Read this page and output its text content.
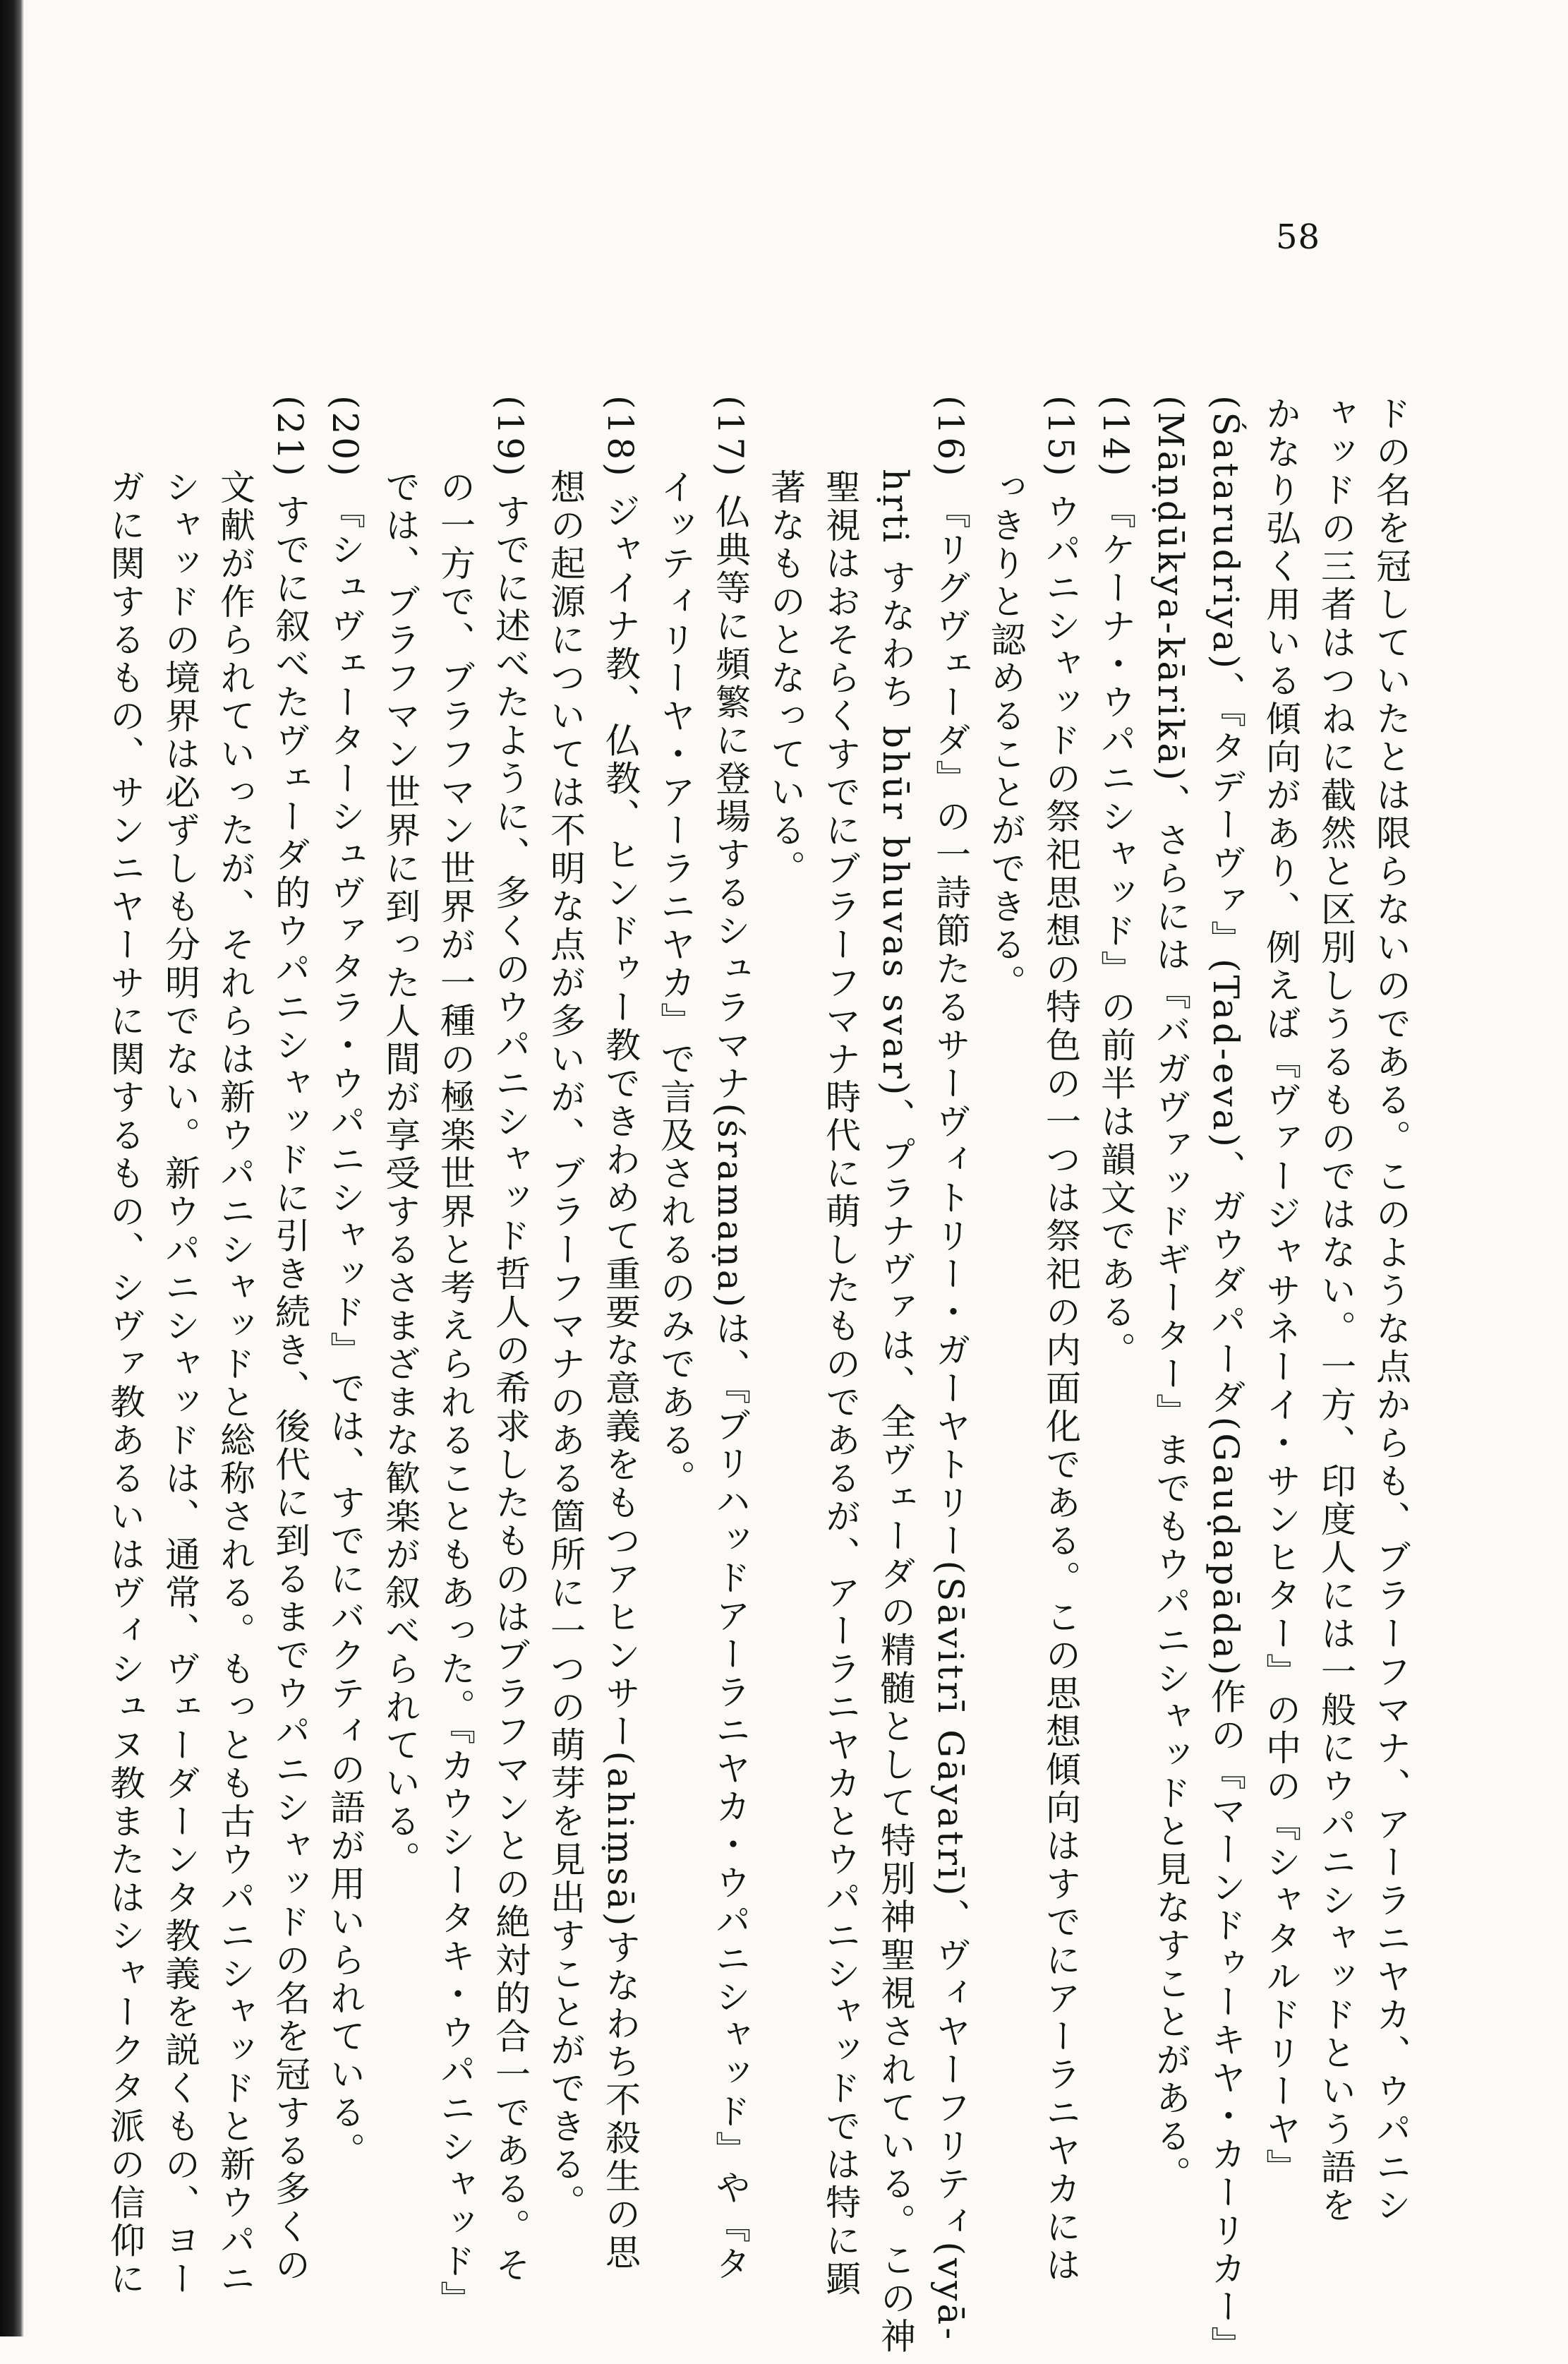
58
ドの名を冠していたとは限らないのである。このような点からも、ブラーフマナ、アーラニヤカ、ウパニシ
ャッドの三者はつねに截然と区別しうるものではない。一方、印度人には一般にウパニシャッドという語を
かなり弘く用いる傾向があり、例えば『ヴァージャサネーイ・サンヒター』の中の『シャタルドリーヤ』
(Śatarudriya)、『タデーヴァ』(Tad-eva)、ガウダパーダ(Gauḍapāda)作の『マーンドゥーキヤ・カーリカー』
(Māṇḍūkya-kārikā)、さらには『バガヴァッドギーター』までもウパニシャッドと見なすことがある。
(14) 『ケーナ・ウパニシャッド』の前半は韻文である。
(15) ウパニシャッドの祭祀思想の特色の一つは祭祀の内面化である。この思想傾向はすでにアーラニヤカには
っきりと認めることができる。
(16) 『リグヴェーダ』の一詩節たるサーヴィトリー・ガーヤトリー(Sāvitrī Gāyatrī)、ヴィヤーフリティ(vyā-
hṛti すなわち bhūr bhuvas svar)、プラナヴァは、全ヴェーダの精髄として特別神聖視されている。この神
聖視はおそらくすでにブラーフマナ時代に萌したものであるが、アーラニヤカとウパニシャッドでは特に顕
著なものとなっている。
(17) 仏典等に頻繁に登場するシュラマナ(śramaṇa)は、『ブリハッドアーラニヤカ・ウパニシャッド』や『タ
イッティリーヤ・アーラニヤカ』で言及されるのみである。
(18) ジャイナ教、仏教、ヒンドゥー教できわめて重要な意義をもつアヒンサー(ahiṃsā)すなわち不殺生の思
想の起源については不明な点が多いが、ブラーフマナのある箇所に一つの萌芽を見出すことができる。
(19) すでに述べたように、多くのウパニシャッド哲人の希求したものはブラフマンとの絶対的合一である。そ
の一方で、ブラフマン世界が一種の極楽世界と考えられることもあった。『カウシータキ・ウパニシャッド』
では、ブラフマン世界に到った人間が享受するさまざまな歓楽が叙べられている。
(20) 『シュヴェーターシュヴァタラ・ウパニシャッド』では、すでにバクティの語が用いられている。
(21) すでに叙べたヴェーダ的ウパニシャッドに引き続き、後代に到るまでウパニシャッドの名を冠する多くの
文献が作られていったが、それらは新ウパニシャッドと総称される。もっとも古ウパニシャッドと新ウパニ
シャッドの境界は必ずしも分明でない。新ウパニシャッドは、通常、ヴェーダーンタ教義を説くもの、ヨー
ガに関するもの、サンニヤーサに関するもの、シヴァ教あるいはヴィシュヌ教またはシャークタ派の信仰に
